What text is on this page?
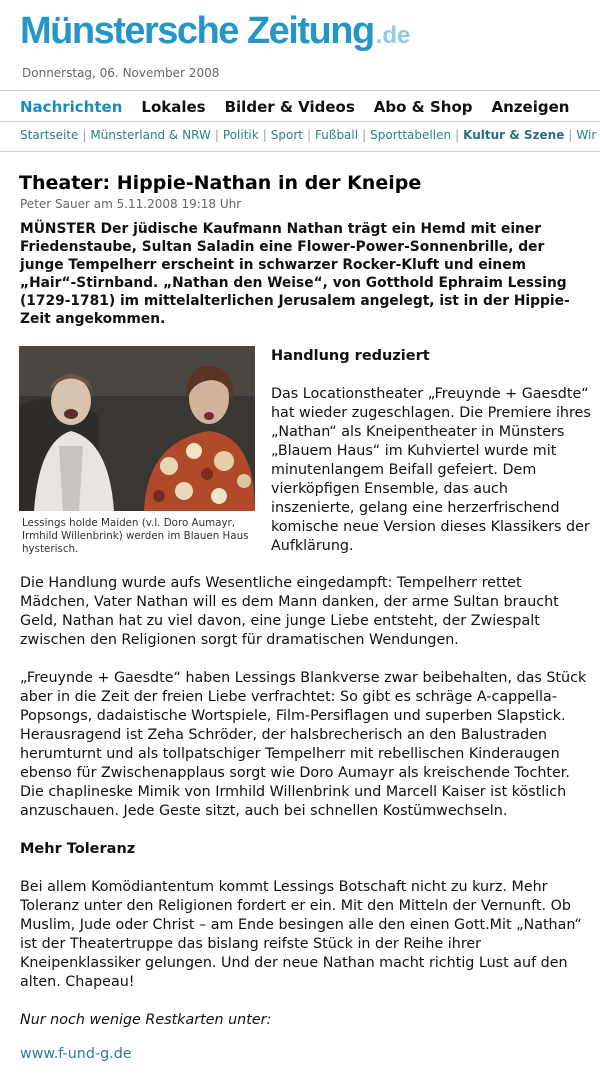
Münstersche Zeitung.de
Donnerstag, 06. November 2008
Nachrichten Lokales Bilder & Videos Abo & Shop Anzeigen
Startseite | Münsterland & NRW | Politik | Sport | Fußball | Sporttabellen | Kultur & Szene | Wir
Theater: Hippie-Nathan in der Kneipe
Peter Sauer am 5.11.2008 19:18 Uhr

MÜNSTER Der jüdische Kaufmann Nathan trägt ein Hemd mit einer Friedenstaube, Sultan Saladin eine Flower-Power-Sonnenbrille, der junge Tempelherr erscheint in schwarzer Rocker-Kluft und einem „Hair“-Stirnband. „Nathan den Weise“, von Gotthold Ephraim Lessing (1729-1781) im mittelalterlichen Jerusalem angelegt, ist in der Hippie-Zeit angekommen.

Lessings holde Maiden (v.l. Doro Aumayr, Irmhild Willenbrink) werden im Blauen Haus hysterisch.
Handlung reduziert

Das Locationstheater „Freuynde + Gaesdte“ hat wieder zugeschlagen. Die Premiere ihres „Nathan“ als Kneipentheater in Münsters „Blauem Haus“ im Kuhviertel wurde mit minutenlangem Beifall gefeiert. Dem vierköpfigen Ensemble, das auch inszenierte, gelang eine herzerfrischend komische neue Version dieses Klassikers der Aufklärung.

Die Handlung wurde aufs Wesentliche eingedampft: Tempelherr rettet Mädchen, Vater Nathan will es dem Mann danken, der arme Sultan braucht Geld, Nathan hat zu viel davon, eine junge Liebe entsteht, der Zwiespalt zwischen den Religionen sorgt für dramatischen Wendungen.

„Freuynde + Gaesdte“ haben Lessings Blankverse zwar beibehalten, das Stück aber in die Zeit der freien Liebe verfrachtet: So gibt es schräge A-cappella-Popsongs, dadaistische Wortspiele, Film-Persiflagen und superben Slapstick. Herausragend ist Zeha Schröder, der halsbrecherisch an den Balustraden herumturnt und als tollpatschiger Tempelherr mit rebellischen Kinderaugen ebenso für Zwischenapplaus sorgt wie Doro Aumayr als kreischende Tochter. Die chaplineske Mimik von Irmhild Willenbrink und Marcell Kaiser ist köstlich anzuschauen. Jede Geste sitzt, auch bei schnellen Kostümwechseln.

Mehr Toleranz

Bei allem Komödiantentum kommt Lessings Botschaft nicht zu kurz. Mehr Toleranz unter den Religionen fordert er ein. Mit den Mitteln der Vernunft. Ob Muslim, Jude oder Christ – am Ende besingen alle den einen Gott.Mit „Nathan“ ist der Theatertruppe das bislang reifste Stück in der Reihe ihrer Kneipenklassiker gelungen. Und der neue Nathan macht richtig Lust auf den alten. Chapeau!

Nur noch wenige Restkarten unter:

www.f-und-g.de
